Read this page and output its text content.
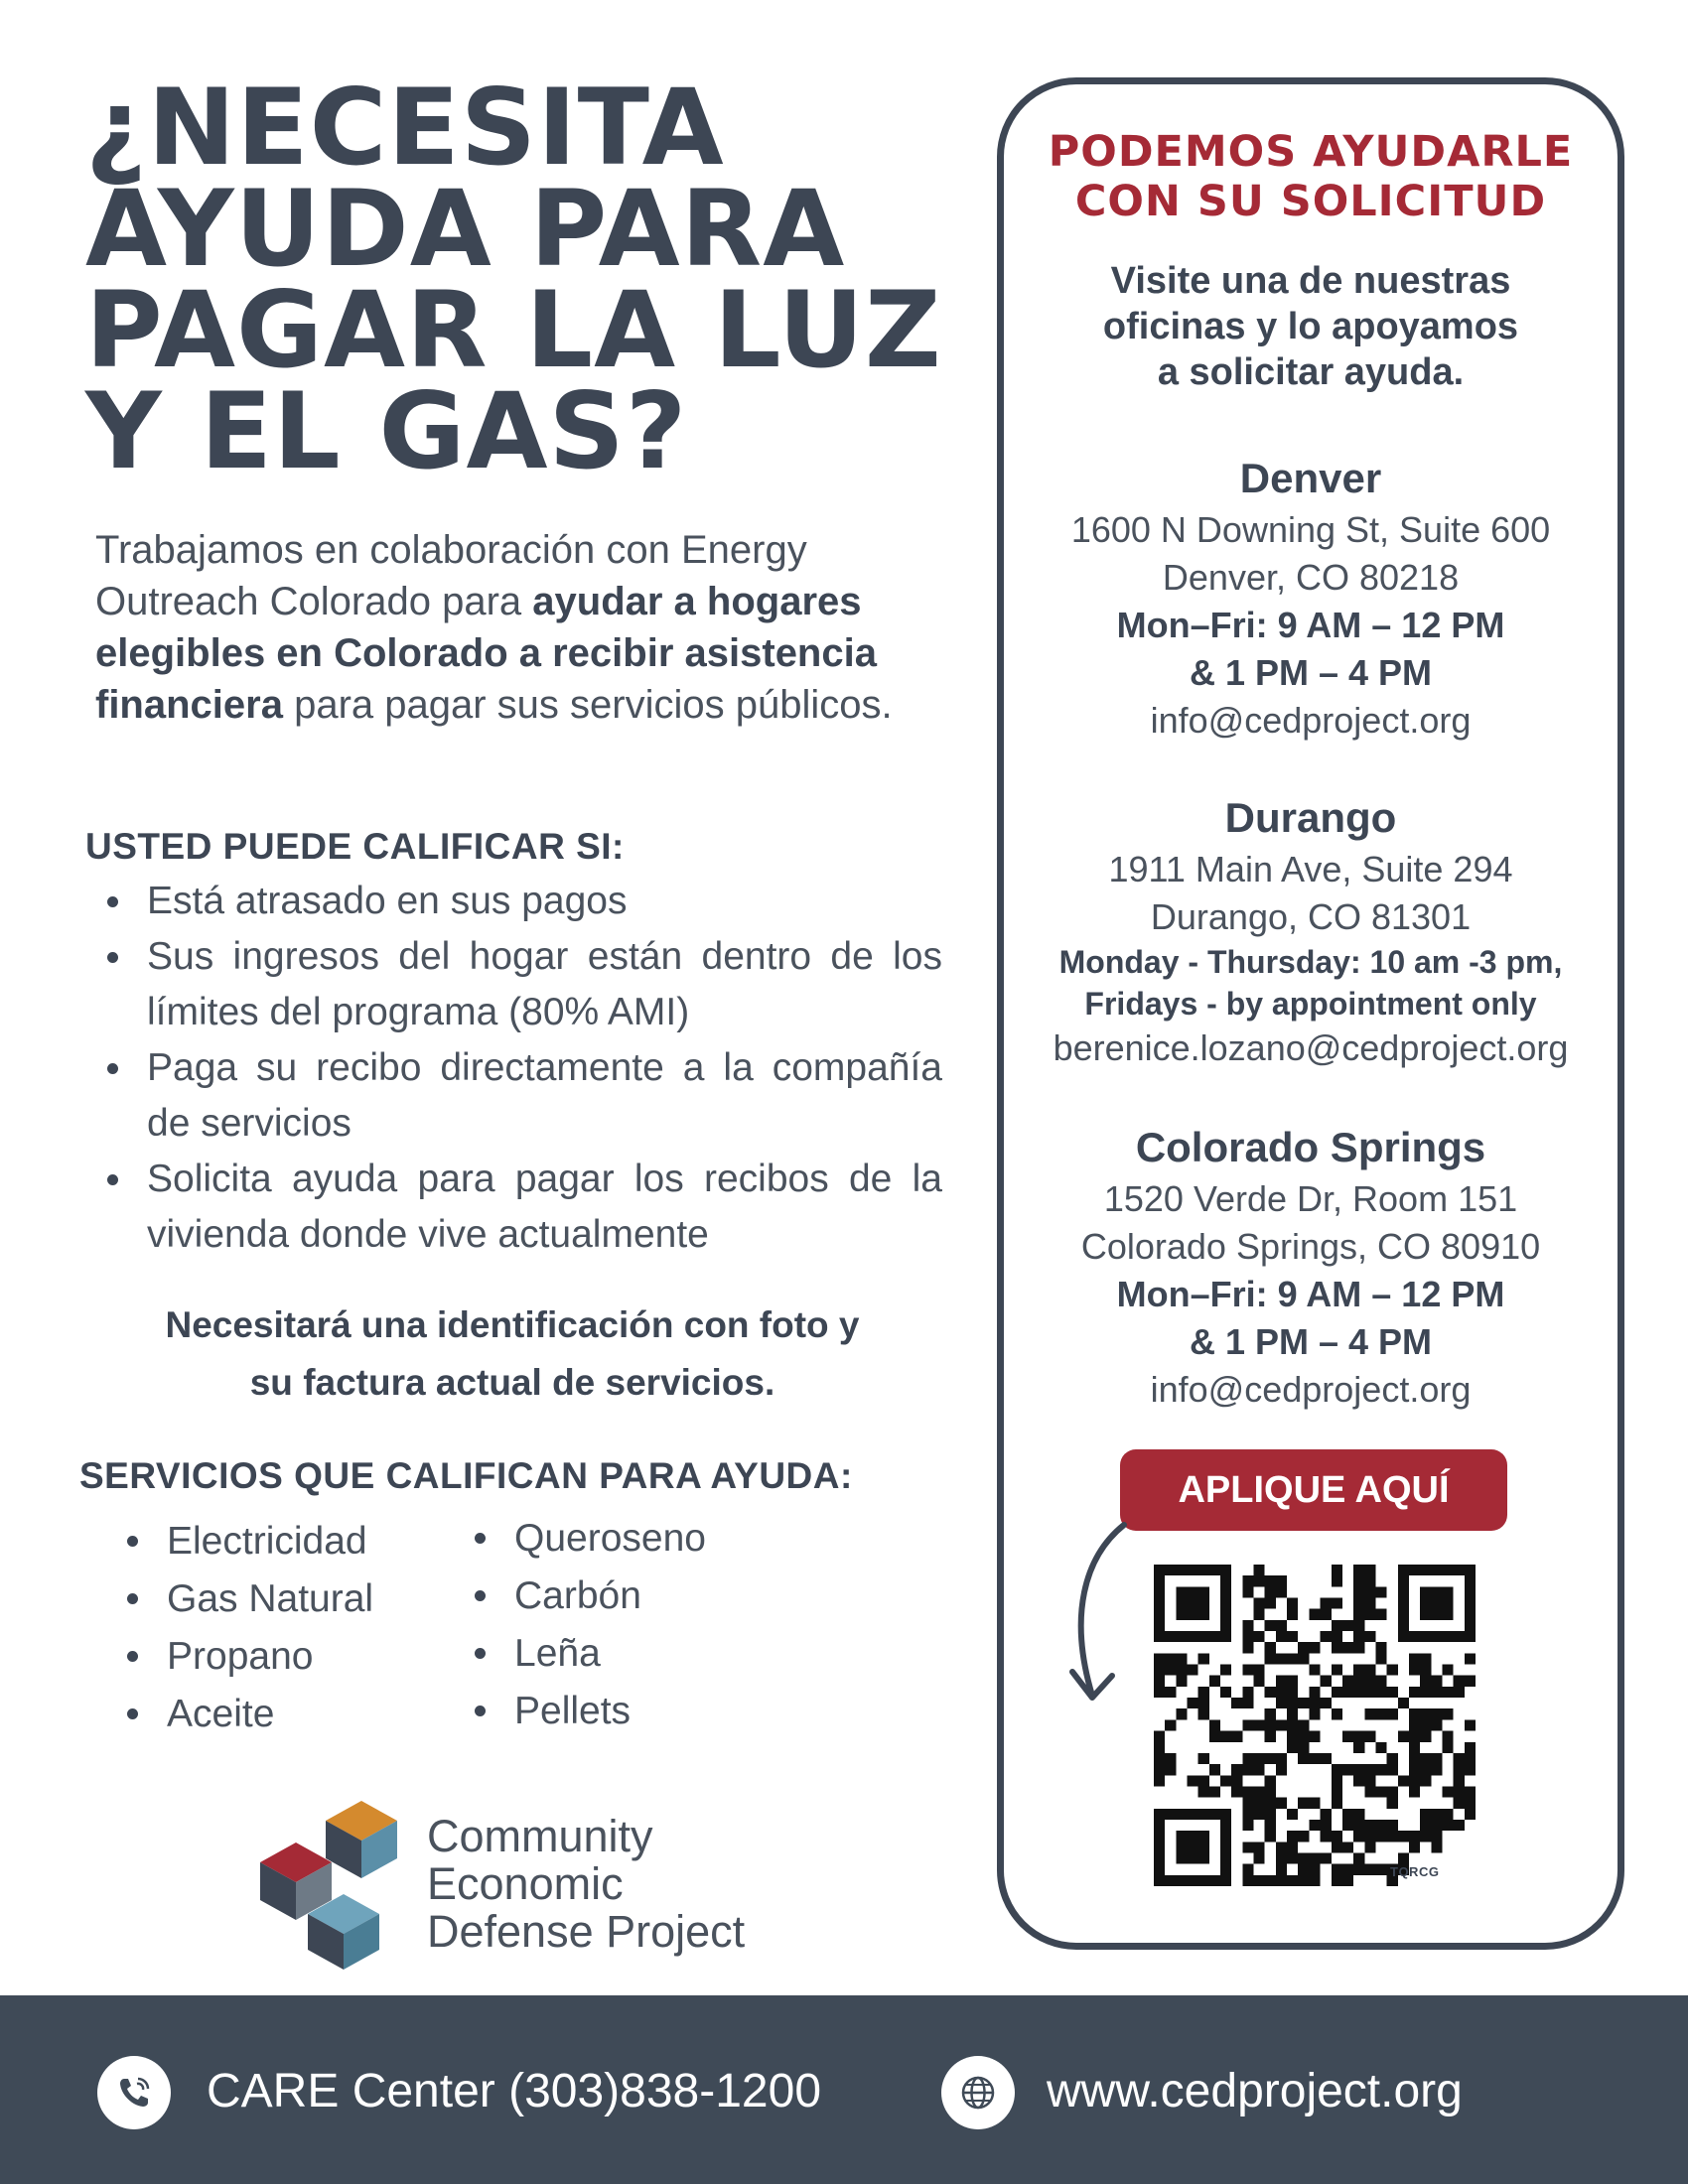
¿NECESITA
AYUDA PARA
PAGAR LA LUZ
Y EL GAS?

Trabajamos en colaboración con Energy Outreach Colorado para ayudar a hogares elegibles en Colorado a recibir asistencia financiera para pagar sus servicios públicos.

USTED PUEDE CALIFICAR SI:
Está atrasado en sus pagos
Sus ingresos del hogar están dentro de los límites del programa (80% AMI)
Paga su recibo directamente a la compañía de servicios
Solicita ayuda para pagar los recibos de la vivienda donde vive actualmente
Necesitará una identificación con foto y
su factura actual de servicios.
SERVICIOS QUE CALIFICAN PARA AYUDA:
Electricidad
Gas Natural
Propano
Aceite
Queroseno
Carbón
Leña
Pellets
Community
Economic
Defense Project
PODEMOS AYUDARLE
CON SU SOLICITUD
Visite una de nuestras
oficinas y lo apoyamos
a solicitar ayuda.
Denver
1600 N Downing St, Suite 600
Denver, CO 80218
Mon–Fri: 9 AM – 12 PM
& 1 PM – 4 PM
info@cedproject.org
Durango
1911 Main Ave, Suite 294
Durango, CO 81301
Monday - Thursday: 10 am -3 pm,
Fridays - by appointment only
berenice.lozano@cedproject.org
Colorado Springs
1520 Verde Dr, Room 151
Colorado Springs, CO 80910
Mon–Fri: 9 AM – 12 PM
& 1 PM – 4 PM
info@cedproject.org
APLIQUE AQUÍ
TQRCG
CARE Center (303)838-1200	www.cedproject.org
